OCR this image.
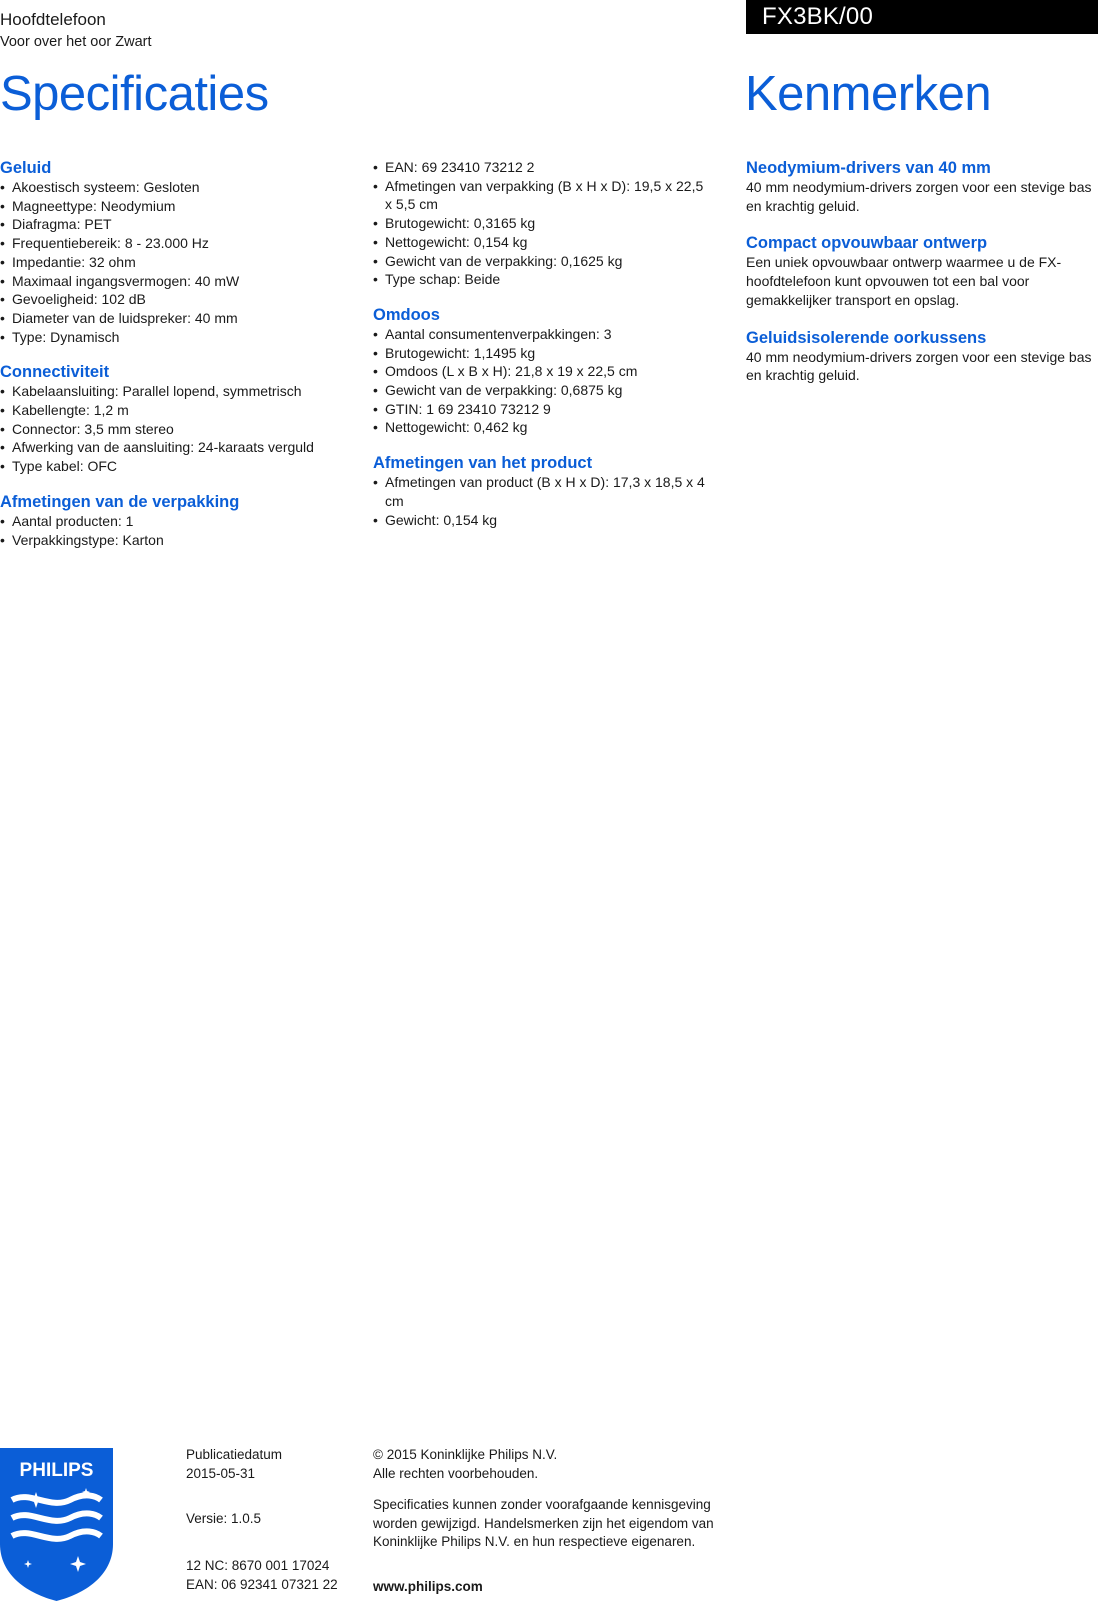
Hoofdtelefoon
Voor over het oor Zwart
FX3BK/00
Specificaties	Kenmerken
Geluid
• Akoestisch systeem: Gesloten
• Magneettype: Neodymium
• Diafragma: PET
• Frequentiebereik: 8 - 23.000 Hz
• Impedantie: 32 ohm
• Maximaal ingangsvermogen: 40 mW
• Gevoeligheid: 102 dB
• Diameter van de luidspreker: 40 mm
• Type: Dynamisch
Connectiviteit
• Kabelaansluiting: Parallel lopend, symmetrisch
• Kabellengte: 1,2 m
• Connector: 3,5 mm stereo
• Afwerking van de aansluiting: 24-karaats verguld
• Type kabel: OFC
Afmetingen van de verpakking
• Aantal producten: 1
• Verpakkingstype: Karton
• EAN: 69 23410 73212 2
• Afmetingen van verpakking (B x H x D): 19,5 x 22,5 x 5,5 cm
• Brutogewicht: 0,3165 kg
• Nettogewicht: 0,154 kg
• Gewicht van de verpakking: 0,1625 kg
• Type schap: Beide
Omdoos
• Aantal consumentenverpakkingen: 3
• Brutogewicht: 1,1495 kg
• Omdoos (L x B x H): 21,8 x 19 x 22,5 cm
• Gewicht van de verpakking: 0,6875 kg
• GTIN: 1 69 23410 73212 9
• Nettogewicht: 0,462 kg
Afmetingen van het product
• Afmetingen van product (B x H x D): 17,3 x 18,5 x 4 cm
• Gewicht: 0,154 kg
Neodymium-drivers van 40 mm
40 mm neodymium-drivers zorgen voor een stevige bas en krachtig geluid.
Compact opvouwbaar ontwerp
Een uniek opvouwbaar ontwerp waarmee u de FX-hoofdtelefoon kunt opvouwen tot een bal voor gemakkelijker transport en opslag.
Geluidsisolerende oorkussens
40 mm neodymium-drivers zorgen voor een stevige bas en krachtig geluid.
PHILIPS
Publicatiedatum
2015-05-31
Versie: 1.0.5
12 NC: 8670 001 17024
EAN: 06 92341 07321 22
© 2015 Koninklijke Philips N.V.
Alle rechten voorbehouden.
Specificaties kunnen zonder voorafgaande kennisgeving worden gewijzigd. Handelsmerken zijn het eigendom van Koninklijke Philips N.V. en hun respectieve eigenaren.
www.philips.com
